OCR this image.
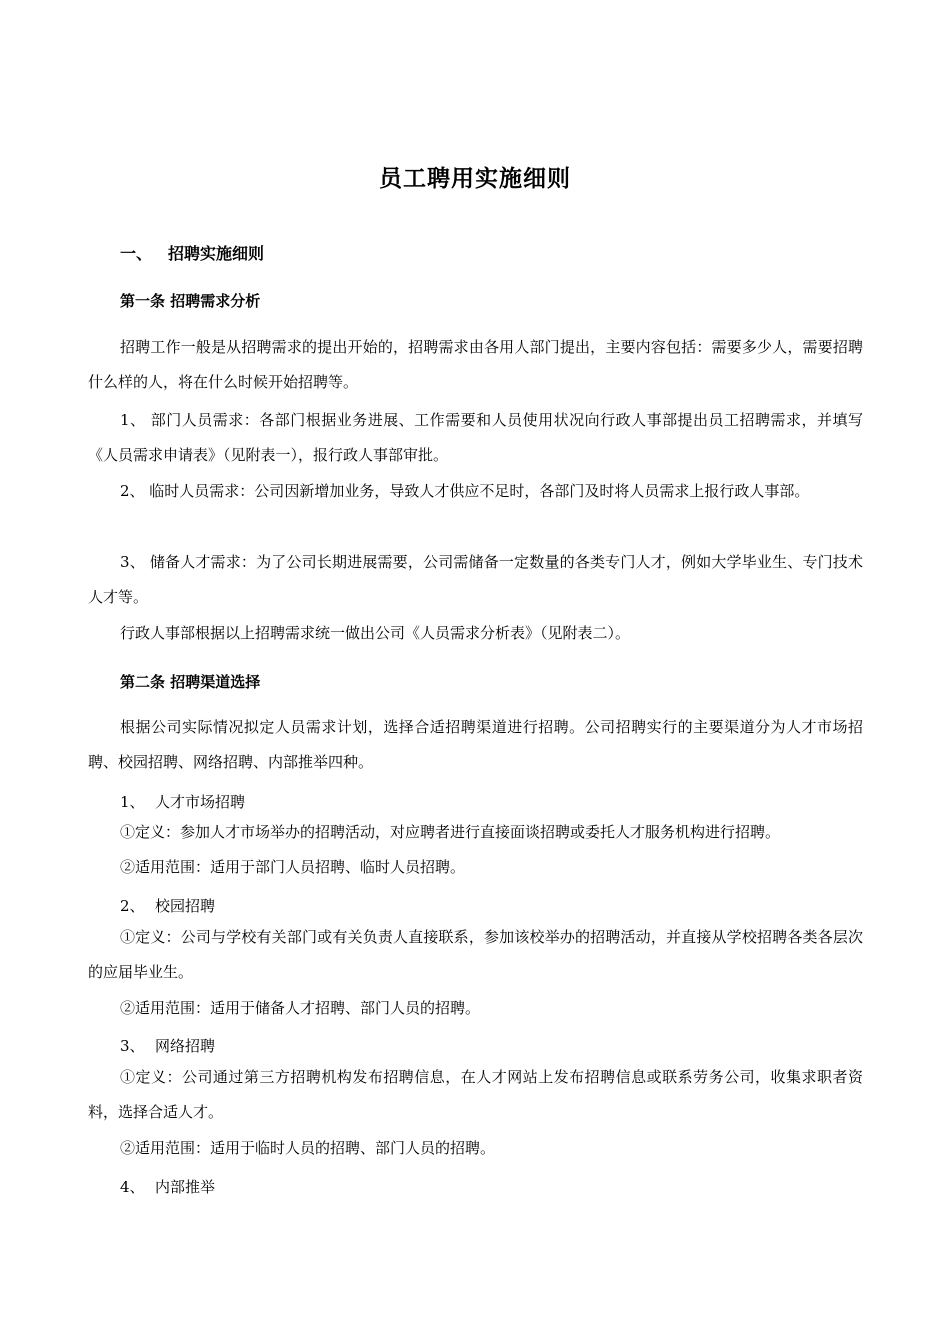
员工聘用实施细则
一、 招聘实施细则
第一条 招聘需求分析
招聘工作一般是从招聘需求的提出开始的，招聘需求由各用人部门提出，主要内容包括：需要多少人，需要招聘什么样的人，将在什么时候开始招聘等。
1、 部门人员需求：各部门根据业务进展、工作需要和人员使用状况向行政人事部提出员工招聘需求，并填写《人员需求申请表》（见附表一），报行政人事部审批。
2、 临时人员需求：公司因新增加业务，导致人才供应不足时，各部门及时将人员需求上报行政人事部。
3、 储备人才需求：为了公司长期进展需要，公司需储备一定数量的各类专门人才，例如大学毕业生、专门技术人才等。
行政人事部根据以上招聘需求统一做出公司《人员需求分析表》（见附表二）。
第二条 招聘渠道选择
根据公司实际情况拟定人员需求计划，选择合适招聘渠道进行招聘。公司招聘实行的主要渠道分为人才市场招聘、校园招聘、网络招聘、内部推举四种。
1、 人才市场招聘
①定义：参加人才市场举办的招聘活动，对应聘者进行直接面谈招聘或委托人才服务机构进行招聘。
②适用范围：适用于部门人员招聘、临时人员招聘。
2、 校园招聘
①定义：公司与学校有关部门或有关负责人直接联系，参加该校举办的招聘活动，并直接从学校招聘各类各层次的应届毕业生。
②适用范围：适用于储备人才招聘、部门人员的招聘。
3、 网络招聘
①定义：公司通过第三方招聘机构发布招聘信息，在人才网站上发布招聘信息或联系劳务公司，收集求职者资料，选择合适人才。
②适用范围：适用于临时人员的招聘、部门人员的招聘。
4、 内部推举
